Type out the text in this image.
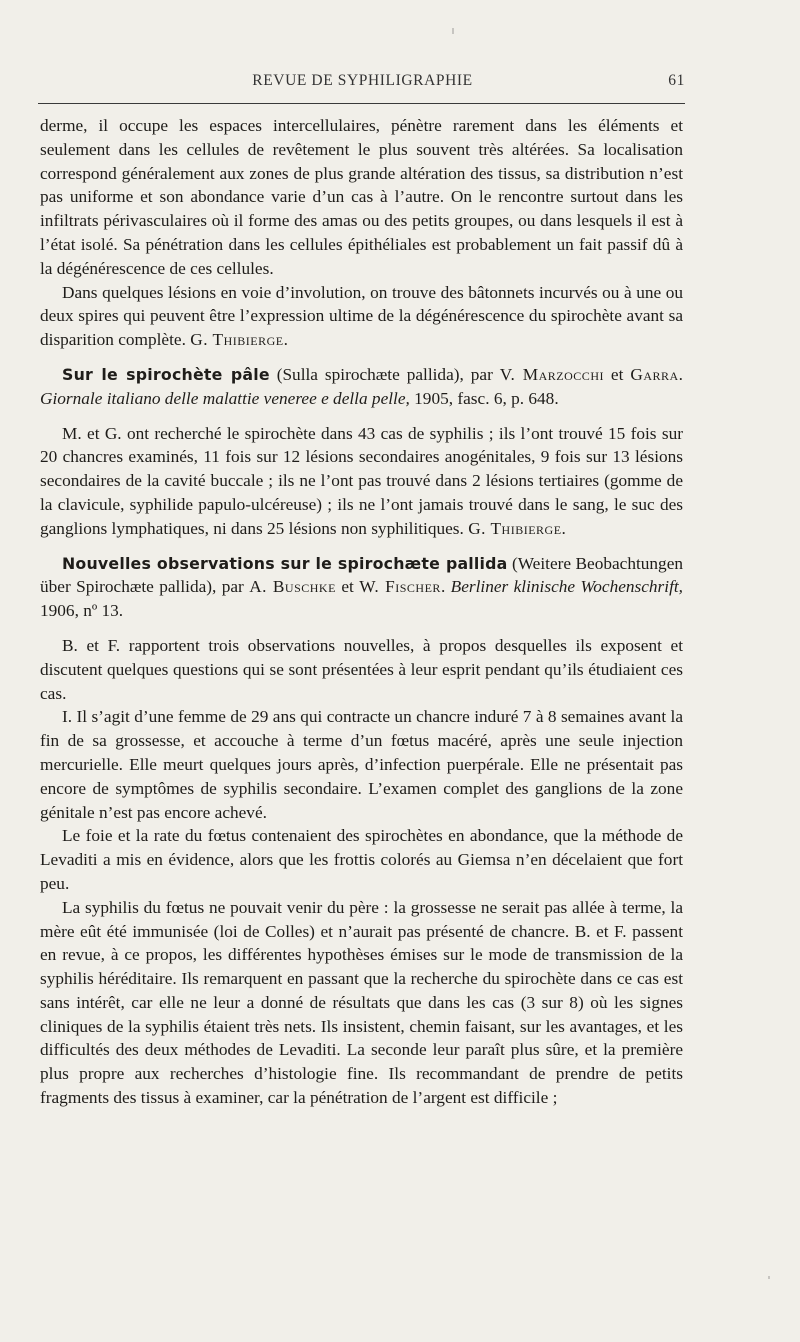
REVUE DE SYPHILIGRAPHIE	61

derme, il occupe les espaces intercellulaires, pénètre rarement dans les éléments et seulement dans les cellules de revêtement le plus souvent très altérées. Sa localisation correspond généralement aux zones de plus grande altération des tissus, sa distribution n’est pas uniforme et son abondance varie d’un cas à l’autre. On le rencontre surtout dans les infiltrats périvasculaires où il forme des amas ou des petits groupes, ou dans lesquels il est à l’état isolé. Sa pénétration dans les cellules épithéliales est probablement un fait passif dû à la dégénérescence de ces cellules.

Dans quelques lésions en voie d’involution, on trouve des bâtonnets incurvés ou à une ou deux spires qui peuvent être l’expression ultime de la dégénérescence du spirochète avant sa disparition complète. G. Thibierge.

Sur le spirochète pâle (Sulla spirochæte pallida), par V. Marzocchi et Garra. Giornale italiano delle malattie veneree e della pelle, 1905, fasc. 6, p. 648.

M. et G. ont recherché le spirochète dans 43 cas de syphilis ; ils l’ont trouvé 15 fois sur 20 chancres examinés, 11 fois sur 12 lésions secondaires anogénitales, 9 fois sur 13 lésions secondaires de la cavité buccale ; ils ne l’ont pas trouvé dans 2 lésions tertiaires (gomme de la clavicule, syphilide papulo-ulcéreuse) ; ils ne l’ont jamais trouvé dans le sang, le suc des ganglions lymphatiques, ni dans 25 lésions non syphilitiques. G. Thibierge.

Nouvelles observations sur le spirochæte pallida (Weitere Beobachtungen über Spirochæte pallida), par A. Buschke et W. Fischer. Berliner klinische Wochenschrift, 1906, nº 13.

B. et F. rapportent trois observations nouvelles, à propos desquelles ils exposent et discutent quelques questions qui se sont présentées à leur esprit pendant qu’ils étudiaient ces cas.

I. Il s’agit d’une femme de 29 ans qui contracte un chancre induré 7 à 8 semaines avant la fin de sa grossesse, et accouche à terme d’un fœtus macéré, après une seule injection mercurielle. Elle meurt quelques jours après, d’infection puerpérale. Elle ne présentait pas encore de symptômes de syphilis secondaire. L’examen complet des ganglions de la zone génitale n’est pas encore achevé.

Le foie et la rate du fœtus contenaient des spirochètes en abondance, que la méthode de Levaditi a mis en évidence, alors que les frottis colorés au Giemsa n’en décelaient que fort peu.

La syphilis du fœtus ne pouvait venir du père : la grossesse ne serait pas allée à terme, la mère eût été immunisée (loi de Colles) et n’aurait pas présenté de chancre. B. et F. passent en revue, à ce propos, les différentes hypothèses émises sur le mode de transmission de la syphilis héréditaire. Ils remarquent en passant que la recherche du spirochète dans ce cas est sans intérêt, car elle ne leur a donné de résultats que dans les cas (3 sur 8) où les signes cliniques de la syphilis étaient très nets. Ils insistent, chemin faisant, sur les avantages, et les difficultés des deux méthodes de Levaditi. La seconde leur paraît plus sûre, et la première plus propre aux recherches d’histologie fine. Ils recommandant de prendre de petits fragments des tissus à examiner, car la pénétration de l’argent est difficile ;
